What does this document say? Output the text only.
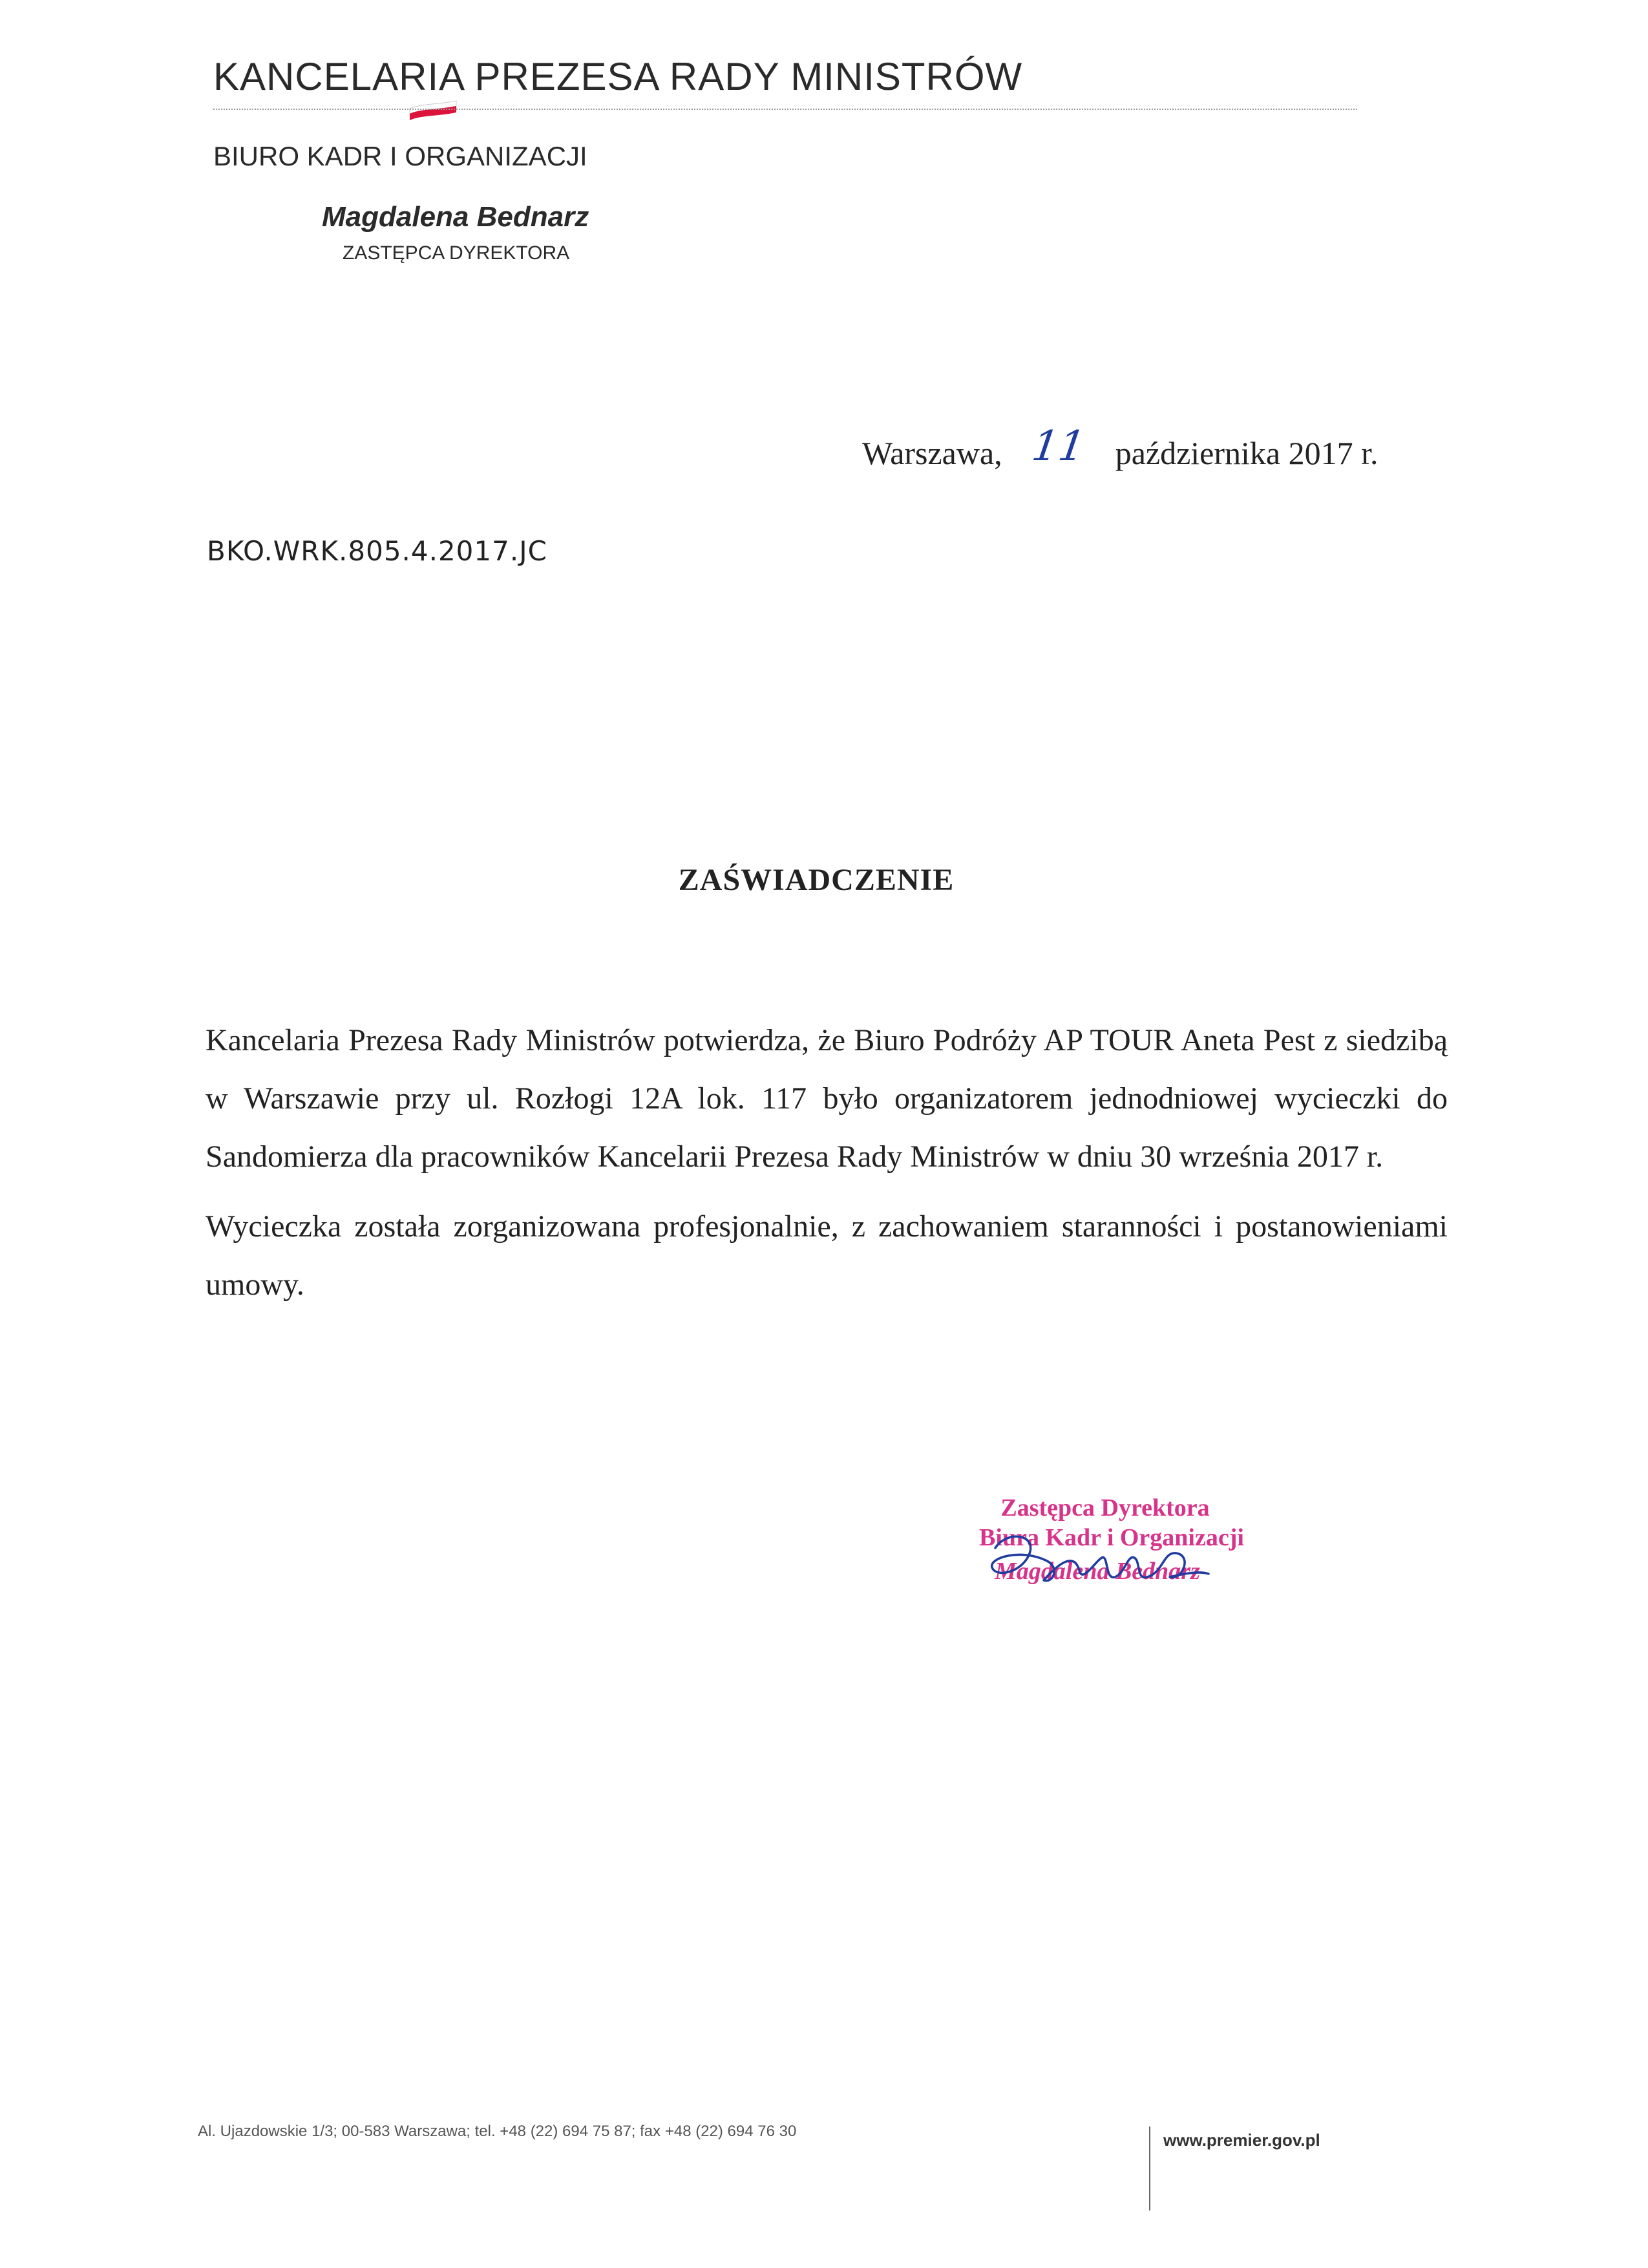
KANCELARIA PREZESA RADY MINISTRÓW
BIURO KADR I ORGANIZACJI
Magdalena Bednarz
ZASTĘPCA DYREKTORA
Warszawa, 11 października 2017 r.
BKO.WRK.805.4.2017.JC
ZAŚWIADCZENIE

Kancelaria Prezesa Rady Ministrów potwierdza, że Biuro Podróży AP TOUR Aneta Pest z siedzibą w Warszawie przy ul. Rozłogi 12A lok. 117 było organizatorem jednodniowej wycieczki do Sandomierza dla pracowników Kancelarii Prezesa Rady Ministrów w dniu 30 września 2017 r.

Wycieczka została zorganizowana profesjonalnie, z zachowaniem staranności i postanowieniami umowy.

Zastępca Dyrektora
Biura Kadr i Organizacji
Magdalena Bednarz
Al. Ujazdowskie 1/3; 00-583 Warszawa; tel. +48 (22) 694 75 87; fax +48 (22) 694 76 30	www.premier.gov.pl
